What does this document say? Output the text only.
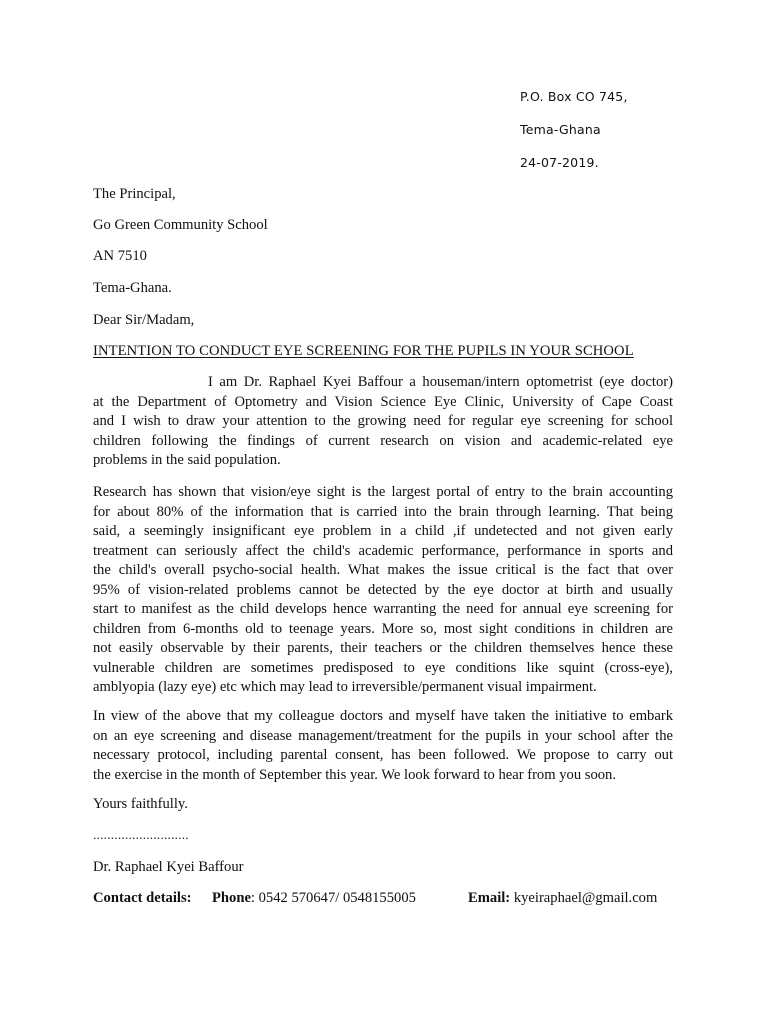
P.O. Box CO 745,
Tema-Ghana
24-07-2019.
The Principal,
Go Green Community School
AN 7510
Tema-Ghana.
Dear Sir/Madam,
INTENTION TO CONDUCT EYE SCREENING FOR THE PUPILS IN YOUR SCHOOL
I am Dr. Raphael Kyei Baffour a houseman/intern optometrist (eye doctor)
at the Department of Optometry and Vision Science Eye Clinic, University of Cape Coast
and I wish to draw your attention to the growing need for regular eye screening for school
children following the findings of current research on vision and academic-related eye
problems in the said population.
Research has shown that vision/eye sight is the largest portal of entry to the brain accounting
for about 80% of the information that is carried into the brain through learning. That being
said, a seemingly insignificant eye problem in a child ,if undetected and not given early
treatment can seriously affect the child's academic performance, performance in sports and
the child's overall psycho-social health. What makes the issue critical is the fact that over
95% of vision-related problems cannot be detected by the eye doctor at birth and usually
start to manifest as the child develops hence warranting the need for annual eye screening for
children from 6-months old to teenage years. More so, most sight conditions in children are
not easily observable by their parents, their teachers or the children themselves hence these
vulnerable children are sometimes predisposed to eye conditions like squint (cross-eye),
amblyopia (lazy eye) etc which may lead to irreversible/permanent visual impairment.
In view of the above that my colleague doctors and myself have taken the initiative to embark
on an eye screening and disease management/treatment for the pupils in your school after the
necessary protocol, including parental consent, has been followed. We propose to carry out
the exercise in the month of September this year. We look forward to hear from you soon.
Yours faithfully.
...........................
Dr. Raphael Kyei Baffour
Contact details: Phone: 0542 570647/ 0548155005	Email: kyeiraphael@gmail.com
